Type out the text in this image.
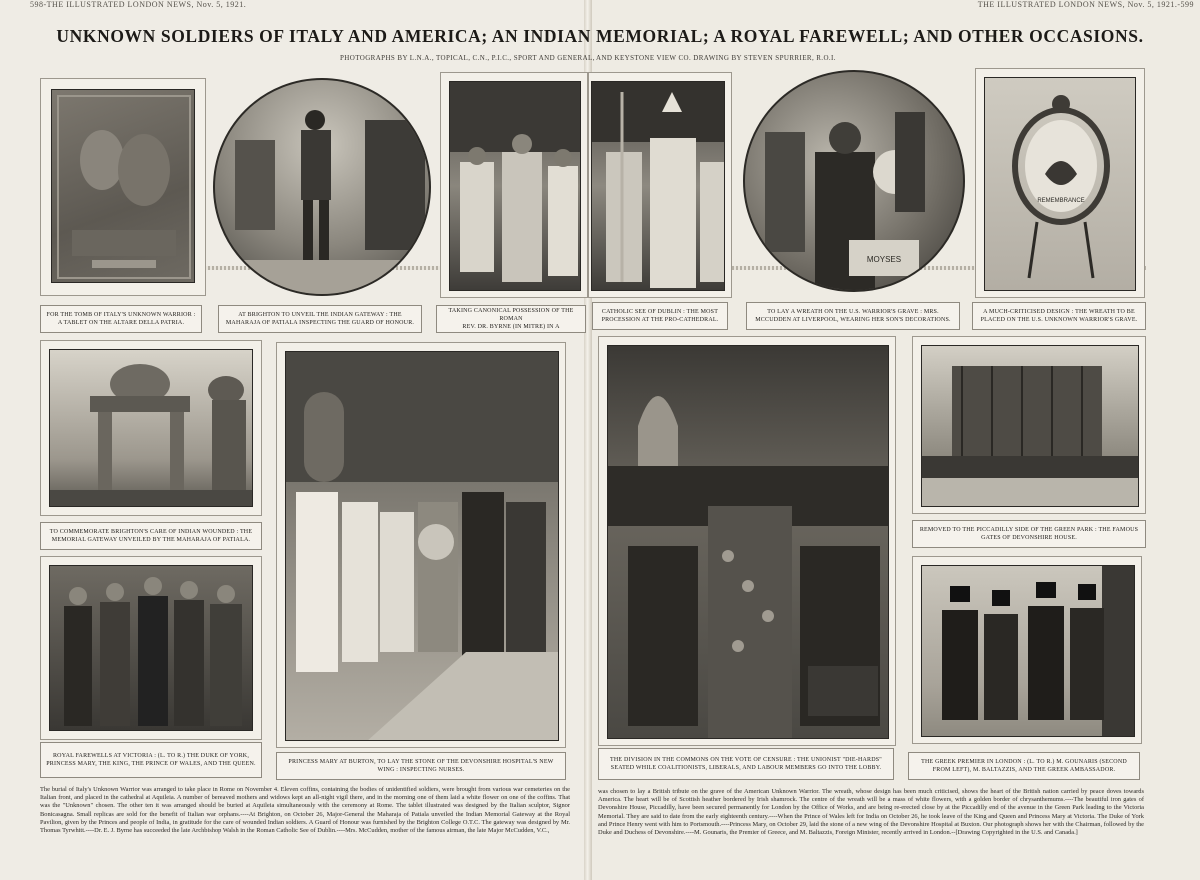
598-THE ILLUSTRATED LONDON NEWS, Nov. 5, 1921.	THE ILLUSTRATED LONDON NEWS, Nov. 5, 1921.-599
UNKNOWN SOLDIERS OF ITALY AND AMERICA; AN INDIAN MEMORIAL; A ROYAL FAREWELL; AND OTHER OCCASIONS.
PHOTOGRAPHS BY L.N.A., TOPICAL, C.N., P.I.C., SPORT AND GENERAL, AND KEYSTONE VIEW CO. DRAWING BY STEVEN SPURRIER, R.O.I.
MOYSES
REMEMBRANCE
FOR THE TOMB OF ITALY'S UNKNOWN WARRIOR : A TABLET ON THE ALTARE DELLA PATRIA.
AT BRIGHTON TO UNVEIL THE INDIAN GATEWAY : THE MAHARAJA OF PATIALA INSPECTING THE GUARD OF HONOUR.
TAKING CANONICAL POSSESSION OF THE ROMAN
REV. DR. BYRNE (IN MITRE) IN A
CATHOLIC SEE OF DUBLIN : THE MOST
PROCESSION AT THE PRO-CATHEDRAL.
TO LAY A WREATH ON THE U.S. WARRIOR'S GRAVE : MRS. MCCUDDEN AT LIVERPOOL, WEARING HER SON'S DECORATIONS.
A MUCH-CRITICISED DESIGN : THE WREATH TO BE PLACED ON THE U.S. UNKNOWN WARRIOR'S GRAVE.
TO COMMEMORATE BRIGHTON'S CARE OF INDIAN WOUNDED : THE MEMORIAL GATEWAY UNVEILED BY THE MAHARAJA OF PATIALA.
ROYAL FAREWELLS AT VICTORIA : (L. TO R.) THE DUKE OF YORK, PRINCESS MARY, THE KING, THE PRINCE OF WALES, AND THE QUEEN.	PRINCESS MARY AT BURTON, TO LAY THE STONE OF THE DEVONSHIRE HOSPITAL'S NEW WING : INSPECTING NURSES.
THE DIVISION IN THE COMMONS ON THE VOTE OF CENSURE : THE UNIONIST "DIE-HARDS" SEATED WHILE COALITIONISTS, LIBERALS, AND LABOUR MEMBERS GO INTO THE LOBBY.
REMOVED TO THE PICCADILLY SIDE OF THE GREEN PARK : THE FAMOUS GATES OF DEVONSHIRE HOUSE.
THE GREEK PREMIER IN LONDON : (L. TO R.) M. GOUNARIS (SECOND FROM LEFT), M. BALTAZZIS, AND THE GREEK AMBASSADOR.
The burial of Italy's Unknown Warrior was arranged to take place in Rome on November 4. Eleven coffins, containing the bodies of unidentified soldiers, were brought from various war cemeteries on the Italian front, and placed in the cathedral at Aquileia. A number of bereaved mothers and widows kept an all-night vigil there, and in the morning one of them laid a white flower on one of the coffins. That was the "Unknown" chosen. The other ten it was arranged should be buried at Aquileia simultaneously with the ceremony at Rome. The tablet illustrated was designed by the Italian sculptor, Signor Bonicasagna. Small replicas are sold for the benefit of Italian war orphans.----At Brighton, on October 26, Major-General the Maharaja of Patiala unveiled the Indian Memorial Gateway at the Royal Pavilion, given by the Princes and people of India, in gratitude for the care of wounded Indian soldiers. A Guard of Honour was furnished by the Brighton College O.T.C. The gateway was designed by Mr. Thomas Tyrwhitt.----Dr. E. J. Byrne has succeeded the late Archbishop Walsh in the Roman Catholic See of Dublin.----Mrs. McCudden, mother of the famous airman, the late Major McCudden, V.C.,
was chosen to lay a British tribute on the grave of the American Unknown Warrior. The wreath, whose design has been much criticised, shows the heart of the British nation carried by peace doves towards America. The heart will be of Scottish heather bordered by Irish shamrock. The centre of the wreath will be a mass of white flowers, with a golden border of chrysanthemums.----The beautiful iron gates of Devonshire House, Piccadilly, have been secured permanently for London by the Office of Works, and are being re-erected close by at the Piccadilly end of the avenue in the Green Park leading to the Victoria Memorial. They are said to date from the early eighteenth century.----When the Prince of Wales left for India on October 26, he took leave of the King and Queen and Princess Mary at Victoria. The Duke of York and Prince Henry went with him to Portsmouth.----Princess Mary, on October 29, laid the stone of a new wing of the Devonshire Hospital at Buxton. Our photograph shows her with the Chairman, followed by the Duke and Duchess of Devonshire.----M. Gounaris, the Premier of Greece, and M. Baltazzis, Foreign Minister, recently arrived in London.--[Drawing Copyrighted in the U.S. and Canada.]
